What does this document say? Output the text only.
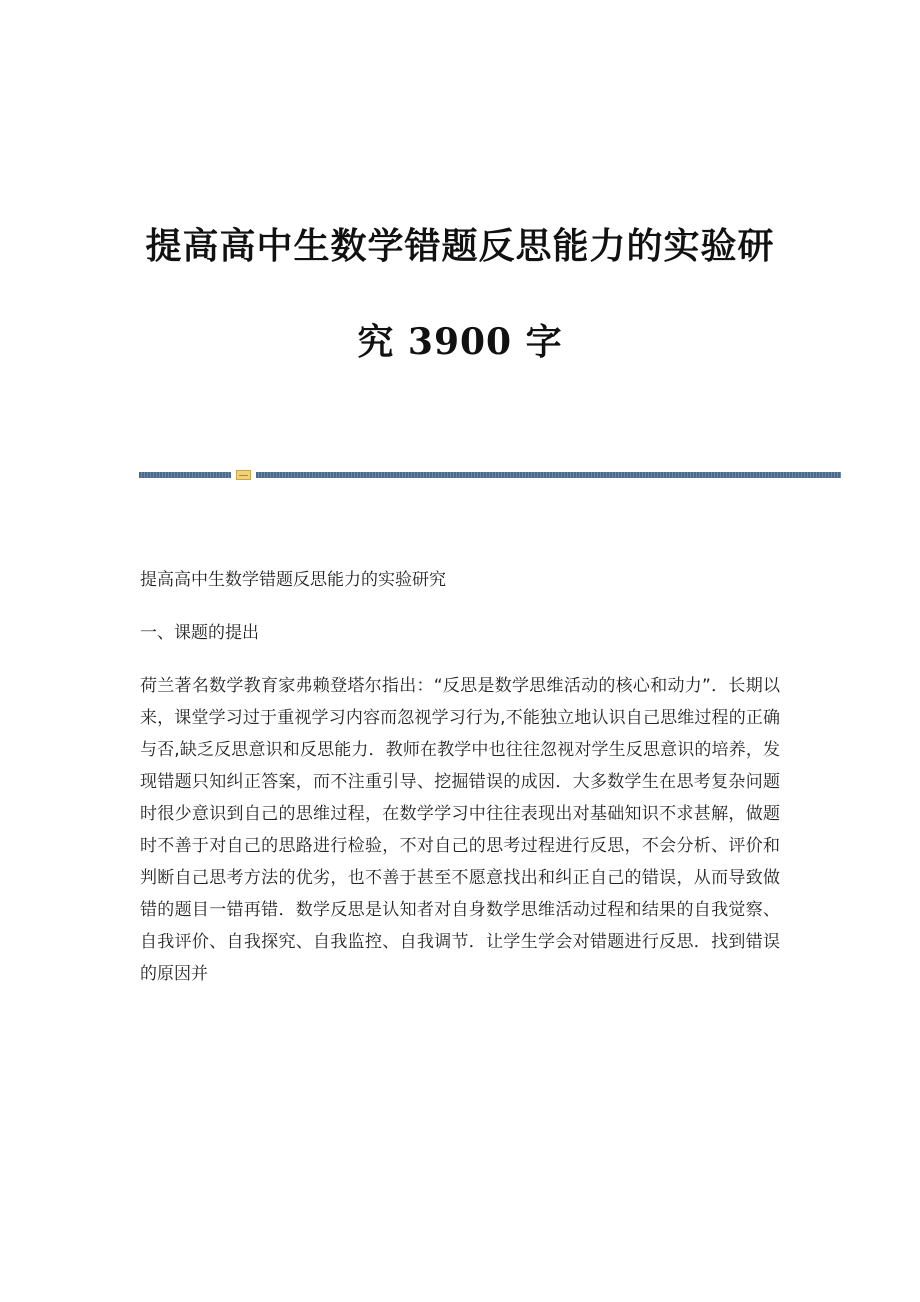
提高高中生数学错题反思能力的实验研
究 3900 字

提高高中生数学错题反思能力的实验研究

一、课题的提出

荷兰著名数学教育家弗赖登塔尔指出：“反思是数学思维活动的核心和动力”．长期以来，课堂学习过于重视学习内容而忽视学习行为,不能独立地认识自己思维过程的正确与否,缺乏反思意识和反思能力．教师在教学中也往往忽视对学生反思意识的培养，发现错题只知纠正答案，而不注重引导、挖掘错误的成因．大多数学生在思考复杂问题时很少意识到自己的思维过程，在数学学习中往往表现出对基础知识不求甚解，做题时不善于对自己的思路进行检验，不对自己的思考过程进行反思，不会分析、评价和判断自己思考方法的优劣，也不善于甚至不愿意找出和纠正自己的错误，从而导致做错的题目一错再错．数学反思是认知者对自身数学思维活动过程和结果的自我觉察、自我评价、自我探究、自我监控、自我调节．让学生学会对错题进行反思．找到错误的原因并
